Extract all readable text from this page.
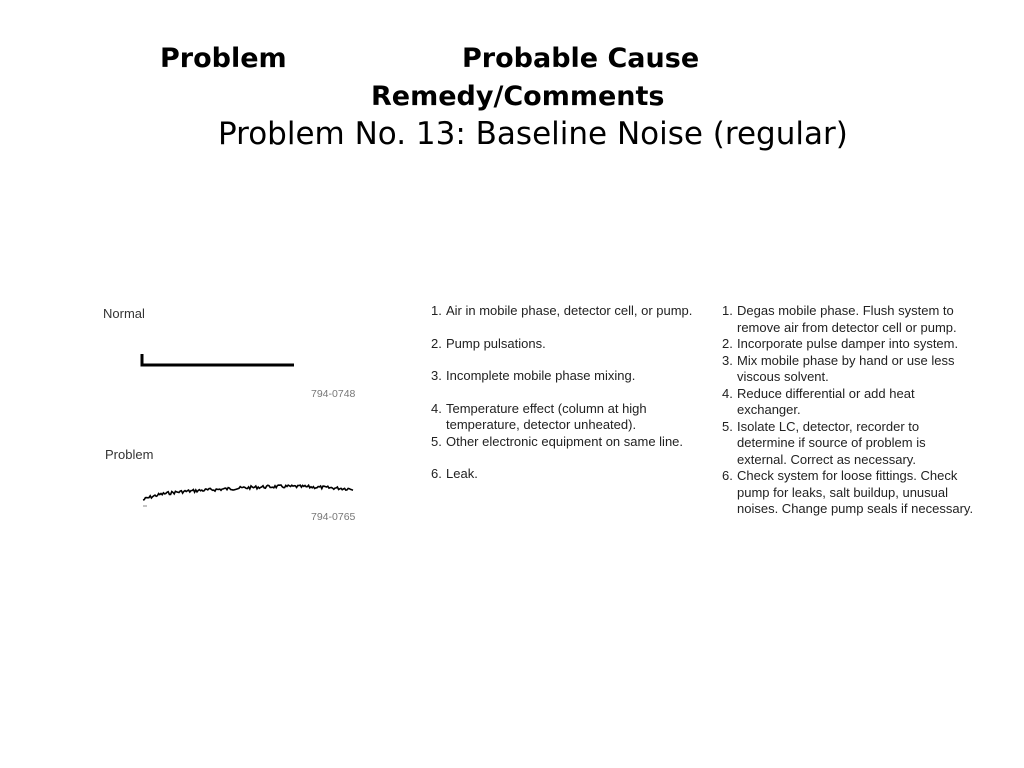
Problem	Probable Cause
Remedy/Comments
Problem No. 13: Baseline Noise (regular)
Normal
794-0748
Problem
794-0765
1. Air in mobile phase, detector cell, or pump.
2. Pump pulsations.
3. Incomplete mobile phase mixing.
4. Temperature effect (column at high temperature, detector unheated).
5. Other electronic equipment on same line.
6. Leak.
1. Degas mobile phase. Flush system to remove air from detector cell or pump.
2. Incorporate pulse damper into system.
3. Mix mobile phase by hand or use less viscous solvent.
4. Reduce differential or add heat exchanger.
5. Isolate LC, detector, recorder to determine if source of problem is external. Correct as necessary.
6. Check system for loose fittings. Check pump for leaks, salt buildup, unusual noises. Change pump seals if necessary.
